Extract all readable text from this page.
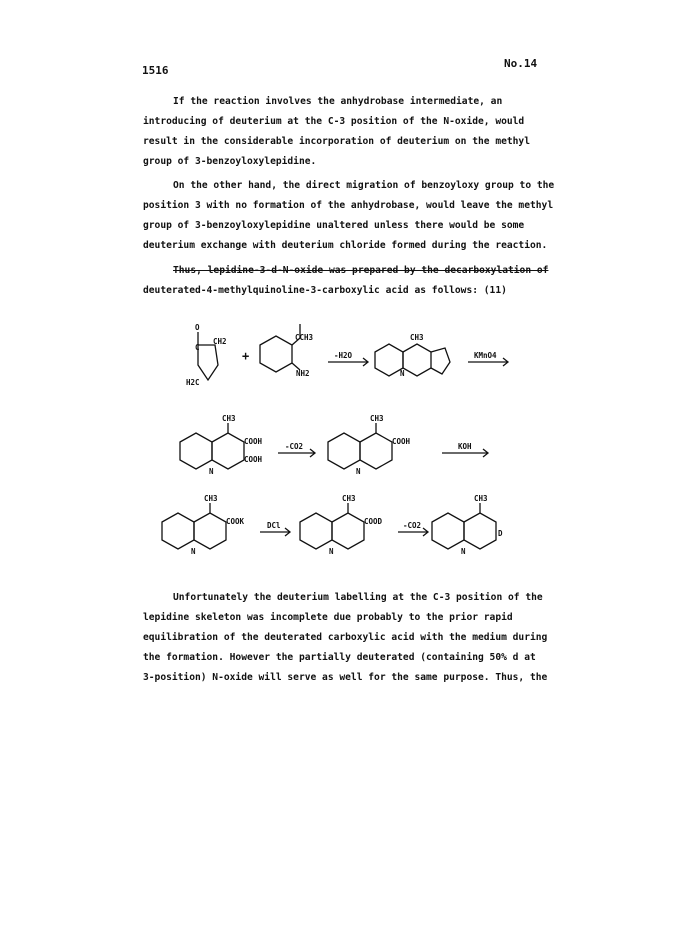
1516
No.14
If the reaction involves the anhydrobase intermediate, an
introducing of deuterium at the C-3 position of the N-oxide, would
result in the considerable incorporation of deuterium on the methyl
group of 3-benzoyloxylepidine.
On the other hand, the direct migration of benzoyloxy group to the
position 3 with no formation of the anhydrobase, would leave the methyl
group of 3-benzoyloxylepidine unaltered unless there would be some
deuterium exchange with deuterium chloride formed during the reaction.
Thus, lepidine-3-d-N-oxide was prepared by the decarboxylation of
deuterated-4-methylquinoline-3-carboxylic acid as follows: (11)
O
C
CH2
H2C
+
CCH3
NH2
-H2O
CH3
N
KMnO4
CH3
COOH
COOH
N
-CO2
CH3
COOH
N
KOH
CH3
COOK
N
DCl
CH3
COOD
N
-CO2
CH3
D
N
Unfortunately the deuterium labelling at the C-3 position of the
lepidine skeleton was incomplete due probably to the prior rapid
equilibration of the deuterated carboxylic acid with the medium during
the formation. However the partially deuterated (containing 50% d at
3-position) N-oxide will serve as well for the same purpose. Thus, the
